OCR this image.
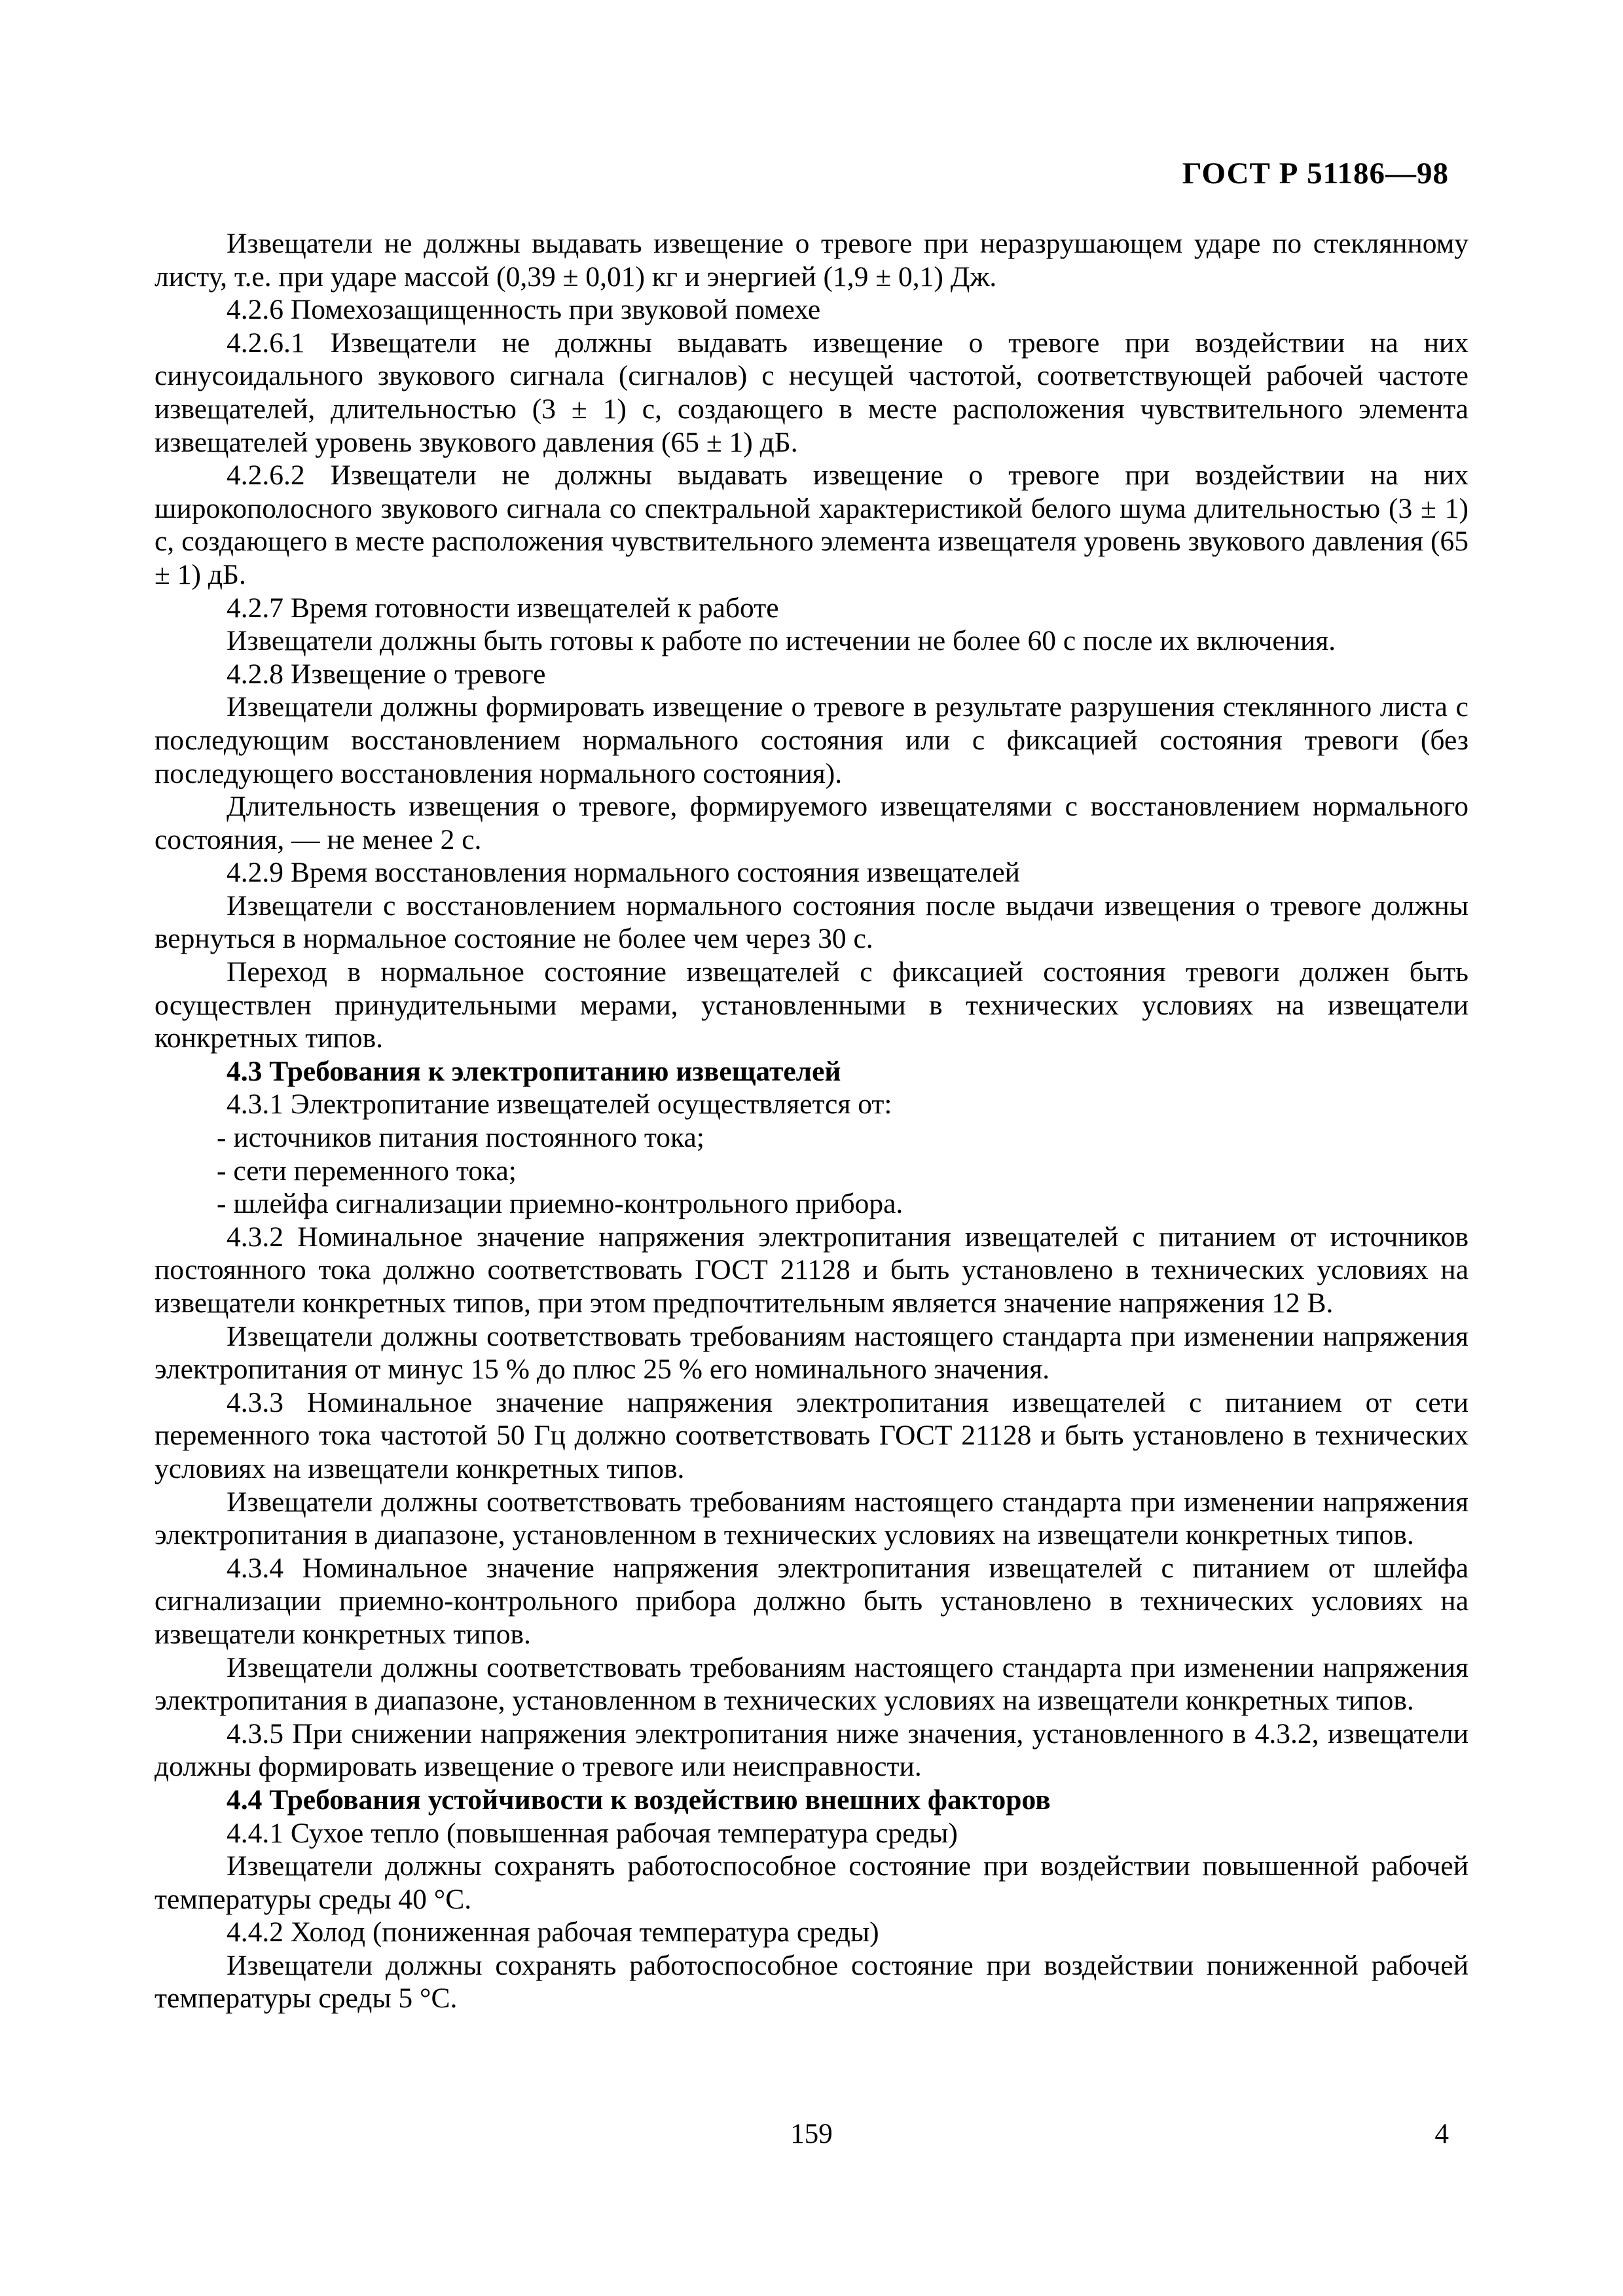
ГОСТ Р 51186—98

Извещатели не должны выдавать извещение о тревоге при неразрушающем ударе по стеклянному листу, т.е. при ударе массой (0,39 ± 0,01) кг и энергией (1,9 ± 0,1) Дж.

4.2.6 Помехозащищенность при звуковой помехе

4.2.6.1 Извещатели не должны выдавать извещение о тревоге при воздействии на них синусоидального звукового сигнала (сигналов) с несущей частотой, соответствующей рабочей частоте извещателей, длительностью (3 ± 1) с, создающего в месте расположения чувствительного элемента извещателей уровень звукового давления (65 ± 1) дБ.

4.2.6.2 Извещатели не должны выдавать извещение о тревоге при воздействии на них широкополосного звукового сигнала со спектральной характеристикой белого шума длительностью (3 ± 1) с, создающего в месте расположения чувствительного элемента извещателя уровень звукового давления (65 ± 1) дБ.

4.2.7 Время готовности извещателей к работе

Извещатели должны быть готовы к работе по истечении не более 60 с после их включения.

4.2.8 Извещение о тревоге

Извещатели должны формировать извещение о тревоге в результате разрушения стеклянного листа с последующим восстановлением нормального состояния или с фиксацией состояния тревоги (без последующего восстановления нормального состояния).

Длительность извещения о тревоге, формируемого извещателями с восстановлением нормального состояния, — не менее 2 с.

4.2.9 Время восстановления нормального состояния извещателей

Извещатели с восстановлением нормального состояния после выдачи извещения о тревоге должны вернуться в нормальное состояние не более чем через 30 с.

Переход в нормальное состояние извещателей с фиксацией состояния тревоги должен быть осуществлен принудительными мерами, установленными в технических условиях на извещатели конкретных типов.

4.3 Требования к электропитанию извещателей

4.3.1 Электропитание извещателей осуществляется от:

- источников питания постоянного тока;

- сети переменного тока;

- шлейфа сигнализации приемно-контрольного прибора.

4.3.2 Номинальное значение напряжения электропитания извещателей с питанием от источников постоянного тока должно соответствовать ГОСТ 21128 и быть установлено в технических условиях на извещатели конкретных типов, при этом предпочтительным является значение напряжения 12 В.

Извещатели должны соответствовать требованиям настоящего стандарта при изменении напряжения электропитания от минус 15 % до плюс 25 % его номинального значения.

4.3.3 Номинальное значение напряжения электропитания извещателей с питанием от сети переменного тока частотой 50 Гц должно соответствовать ГОСТ 21128 и быть установлено в технических условиях на извещатели конкретных типов.

Извещатели должны соответствовать требованиям настоящего стандарта при изменении напряжения электропитания в диапазоне, установленном в технических условиях на извещатели конкретных типов.

4.3.4 Номинальное значение напряжения электропитания извещателей с питанием от шлейфа сигнализации приемно-контрольного прибора должно быть установлено в технических условиях на извещатели конкретных типов.

Извещатели должны соответствовать требованиям настоящего стандарта при изменении напряжения электропитания в диапазоне, установленном в технических условиях на извещатели конкретных типов.

4.3.5 При снижении напряжения электропитания ниже значения, установленного в 4.3.2, извещатели должны формировать извещение о тревоге или неисправности.

4.4 Требования устойчивости к воздействию внешних факторов

4.4.1 Сухое тепло (повышенная рабочая температура среды)

Извещатели должны сохранять работоспособное состояние при воздействии повышенной рабочей температуры среды 40 °С.

4.4.2 Холод (пониженная рабочая температура среды)

Извещатели должны сохранять работоспособное состояние при воздействии пониженной рабочей температуры среды 5 °С.

159	4
